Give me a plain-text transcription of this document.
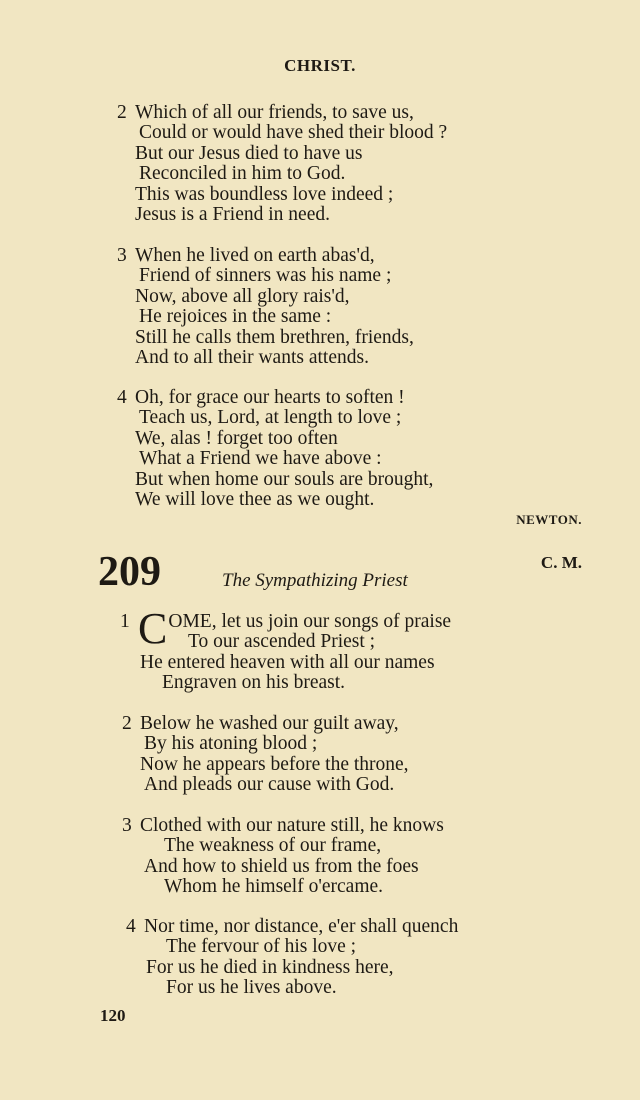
CHRIST.
2 Which of all our friends, to save us,
Could or would have shed their blood ?
But our Jesus died to have us
Reconciled in him to God.
This was boundless love indeed ;
Jesus is a Friend in need.
3 When he lived on earth abas'd,
Friend of sinners was his name ;
Now, above all glory rais'd,
He rejoices in the same :
Still he calls them brethren, friends,
And to all their wants attends.
4 Oh, for grace our hearts to soften !
Teach us, Lord, at length to love ;
We, alas ! forget too often
What a Friend we have above :
But when home our souls are brought,
We will love thee as we ought.
NEWTON.
209	The Sympathizing Priest
C. M.
1 COME, let us join our songs of praise
To our ascended Priest ;
He entered heaven with all our names
Engraven on his breast.
2 Below he washed our guilt away,
By his atoning blood ;
Now he appears before the throne,
And pleads our cause with God.
3 Clothed with our nature still, he knows
The weakness of our frame,
And how to shield us from the foes
Whom he himself o'ercame.
4 Nor time, nor distance, e'er shall quench
The fervour of his love ;
For us he died in kindness here,
For us he lives above.
120
